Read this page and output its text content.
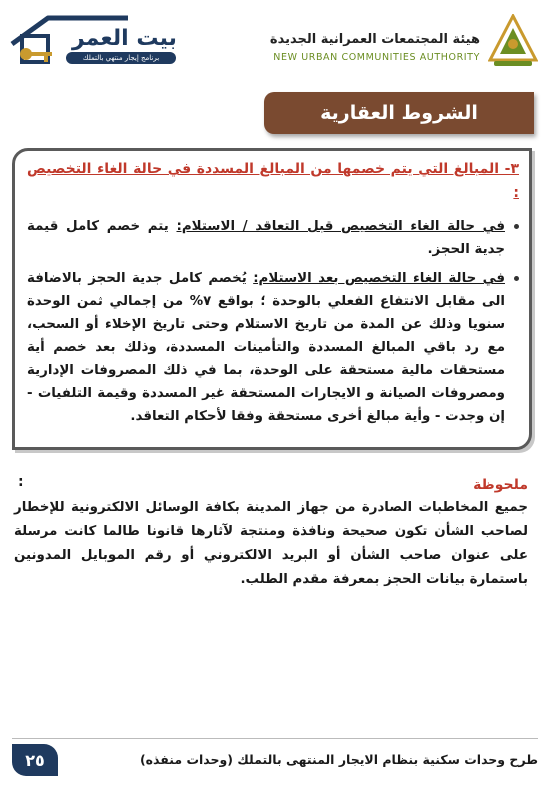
هيئة المجتمعات العمرانية الجديدة
NEW URBAN COMMUNITIES AUTHORITY
بيت العمر
برنامج إيجار منتهي بالتملك
الشروط العقارية
٣- المبالغ التي يتم خصمها من المبالغ المسددة في حالة الغاء التخصيص :
في حالة الغاء التخصيص قبل التعاقد / الاستلام: يتم خصم كامل قيمة جدية الحجز.
في حالة الغاء التخصيص بعد الاستلام: يُخصم كامل جدية الحجز بالاضافة الى مقابل الانتفاع الفعلي بالوحدة ؛ بواقع ٧% من إجمالي ثمن الوحدة سنويا وذلك عن المدة من تاريخ الاستلام وحتى تاريخ الإخلاء أو السحب، مع رد باقي المبالغ المسددة والتأمينات المسددة، وذلك بعد خصم أية مستحقات مالية مستحقة على الوحدة، بما في ذلك المصروفات الإدارية ومصروفات الصيانة و الايجارات المستحقة غير المسددة وقيمة التلفيات - إن وجدت - وأية مبالغ أخرى مستحقة وفقا لأحكام التعاقد.
ملحوظة
:
جميع المخاطبات الصادرة من جهاز المدينة بكافة الوسائل الالكترونية للإخطار لصاحب الشأن تكون صحيحة ونافذة ومنتجة لآثارها قانونا طالما كانت مرسلة على عنوان صاحب الشأن أو البريد الالكتروني أو رقم الموبايل المدونين باستمارة بيانات الحجز بمعرفة مقدم الطلب.
٢٥	طرح وحدات سكنية بنظام الايجار المنتهى بالتملك (وحدات منفذه)
